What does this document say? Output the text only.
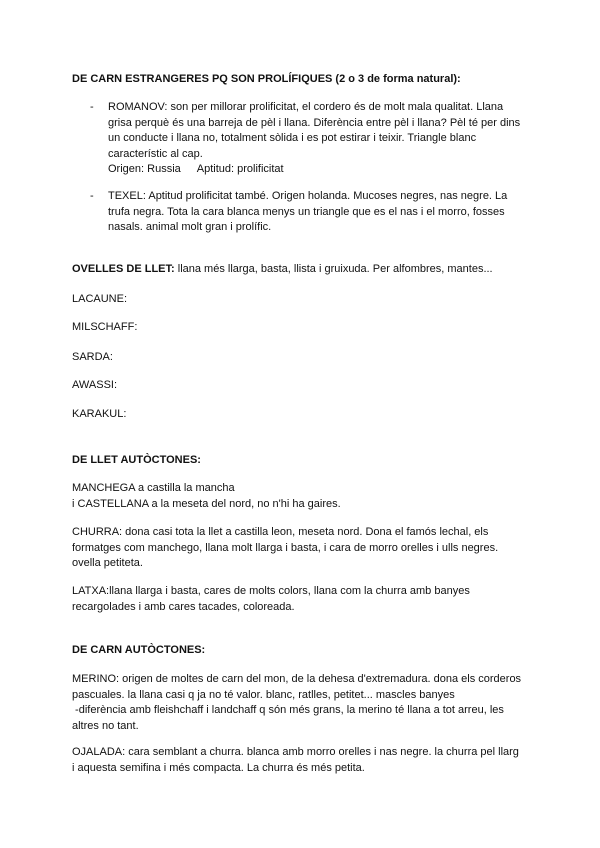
DE CARN ESTRANGERES PQ SON PROLÍFIQUES (2 o 3 de forma natural):
- ROMANOV: son per millorar prolificitat, el cordero és de molt mala qualitat. Llana
grisa perquè és una barreja de pèl i llana. Diferència entre pèl i llana? Pèl té per dins
un conducte i llana no, totalment sòlida i es pot estirar i teixir. Triangle blanc
característic al cap.
Origen: Russia Aptitud: prolificitat
- TEXEL: Aptitud prolificitat també. Origen holanda. Mucoses negres, nas negre. La
trufa negra. Tota la cara blanca menys un triangle que es el nas i el morro, fosses
nasals. animal molt gran i prolífic.
OVELLES DE LLET: llana més llarga, basta, llista i gruixuda. Per alfombres, mantes...
LACAUNE:
MILSCHAFF:
SARDA:
AWASSI:
KARAKUL:
DE LLET AUTÒCTONES:
MANCHEGA a castilla la mancha
i CASTELLANA a la meseta del nord, no n'hi ha gaires.
CHURRA: dona casi tota la llet a castilla leon, meseta nord. Dona el famós lechal, els
formatges com manchego, llana molt llarga i basta, i cara de morro orelles i ulls negres.
ovella petiteta.
LATXA:llana llarga i basta, cares de molts colors, llana com la churra amb banyes
recargolades i amb cares tacades, coloreada.
DE CARN AUTÒCTONES:
MERINO: origen de moltes de carn del mon, de la dehesa d'extremadura. dona els corderos
pascuales. la llana casi q ja no té valor. blanc, ratlles, petitet... mascles banyes
-diferència amb fleishchaff i landchaff q són més grans, la merino té llana a tot arreu, les
altres no tant.
OJALADA: cara semblant a churra. blanca amb morro orelles i nas negre. la churra pel llarg
i aquesta semifina i més compacta. La churra és més petita.
